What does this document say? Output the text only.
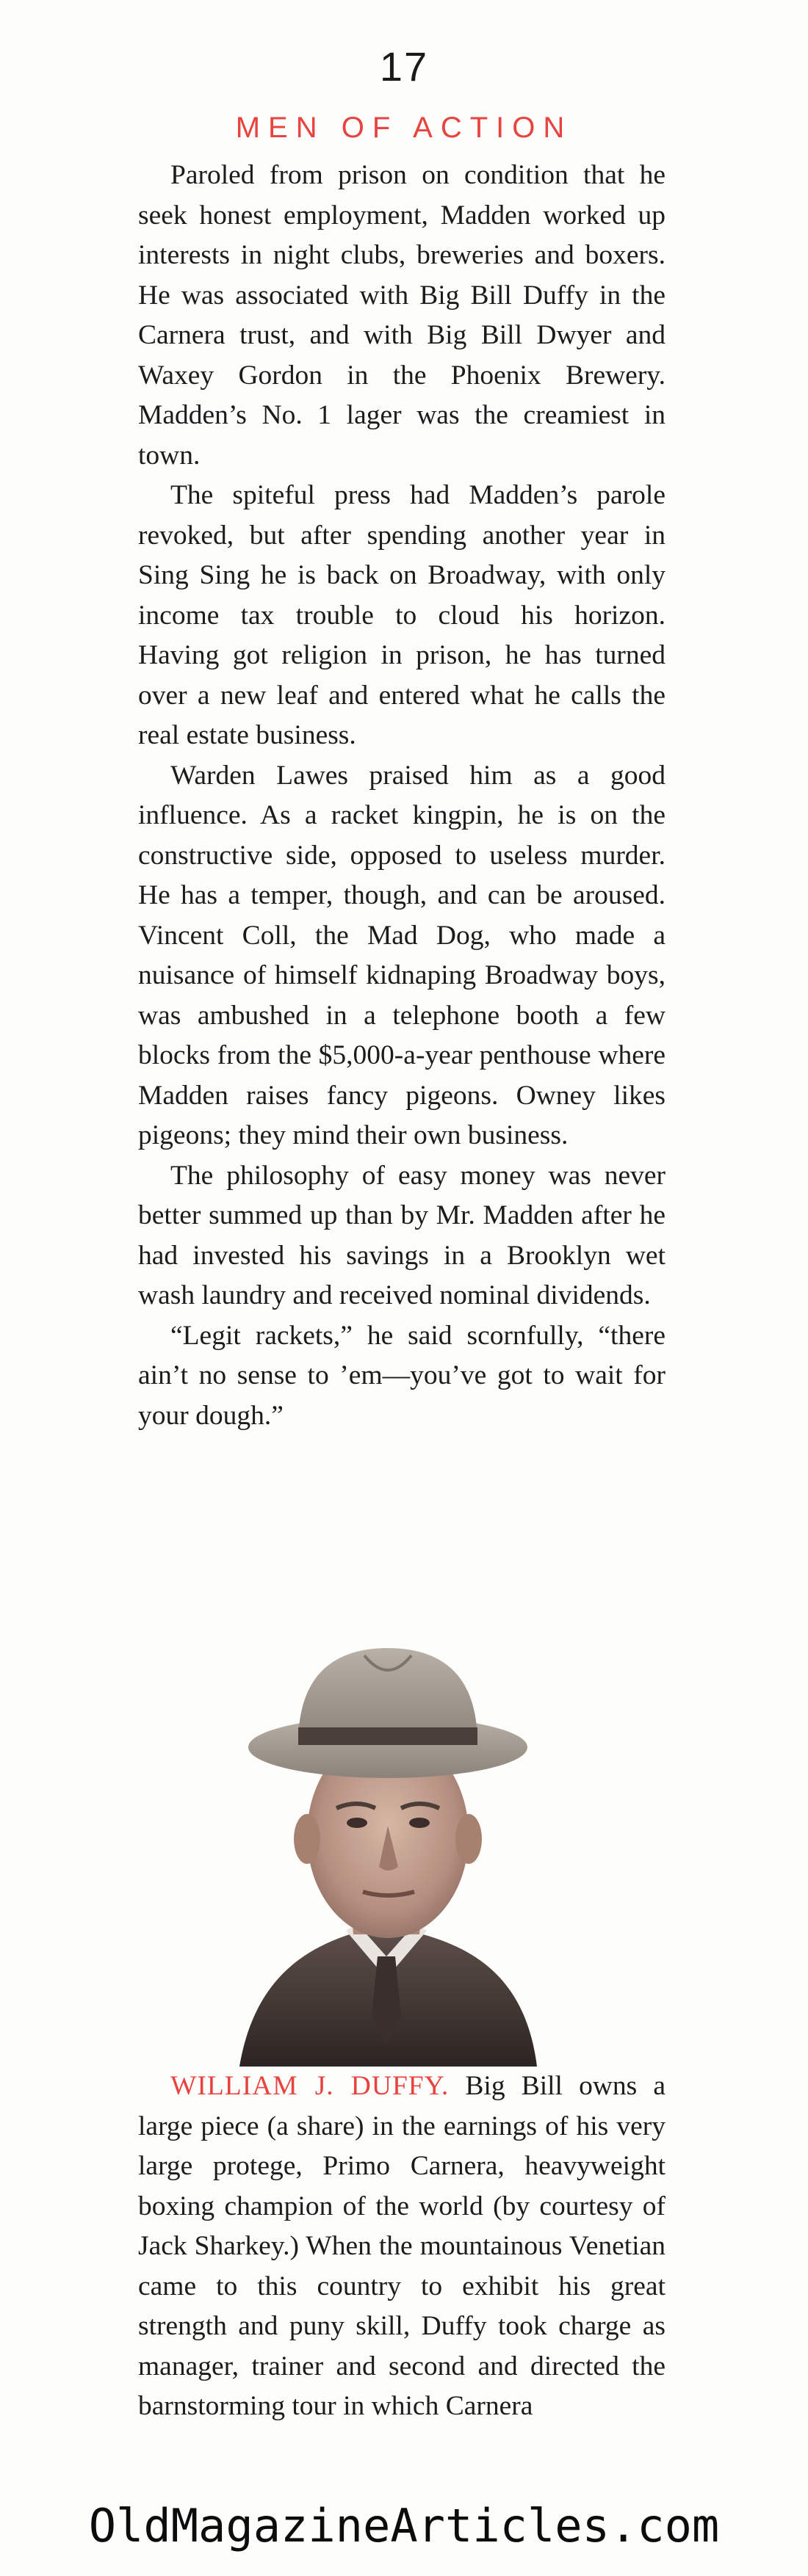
17
MEN OF ACTION

Paroled from prison on condition that he seek honest employment, Madden worked up interests in night clubs, breweries and boxers. He was associated with Big Bill Duffy in the Carnera trust, and with Big Bill Dwyer and Waxey Gordon in the Phoenix Brewery. Madden’s No. 1 lager was the creamiest in town.

The spiteful press had Madden’s parole revoked, but after spending another year in Sing Sing he is back on Broadway, with only income tax trouble to cloud his horizon. Having got religion in prison, he has turned over a new leaf and entered what he calls the real estate business.

Warden Lawes praised him as a good influence. As a racket kingpin, he is on the constructive side, opposed to useless murder. He has a temper, though, and can be aroused. Vincent Coll, the Mad Dog, who made a nuisance of himself kidnaping Broadway boys, was ambushed in a telephone booth a few blocks from the $5,000-a-year penthouse where Madden raises fancy pigeons. Owney likes pigeons; they mind their own business.

The philosophy of easy money was never better summed up than by Mr. Madden after he had invested his savings in a Brooklyn wet wash laundry and received nominal dividends.

“Legit rackets,” he said scornfully, “there ain’t no sense to ’em—you’ve got to wait for your dough.”

WILLIAM J. DUFFY. Big Bill owns a large piece (a share) in the earnings of his very large protege, Primo Carnera, heavyweight boxing champion of the world (by courtesy of Jack Sharkey.) When the mountainous Venetian came to this country to exhibit his great strength and puny skill, Duffy took charge as manager, trainer and second and directed the barnstorming tour in which Carnera

OldMagazineArticles.com
